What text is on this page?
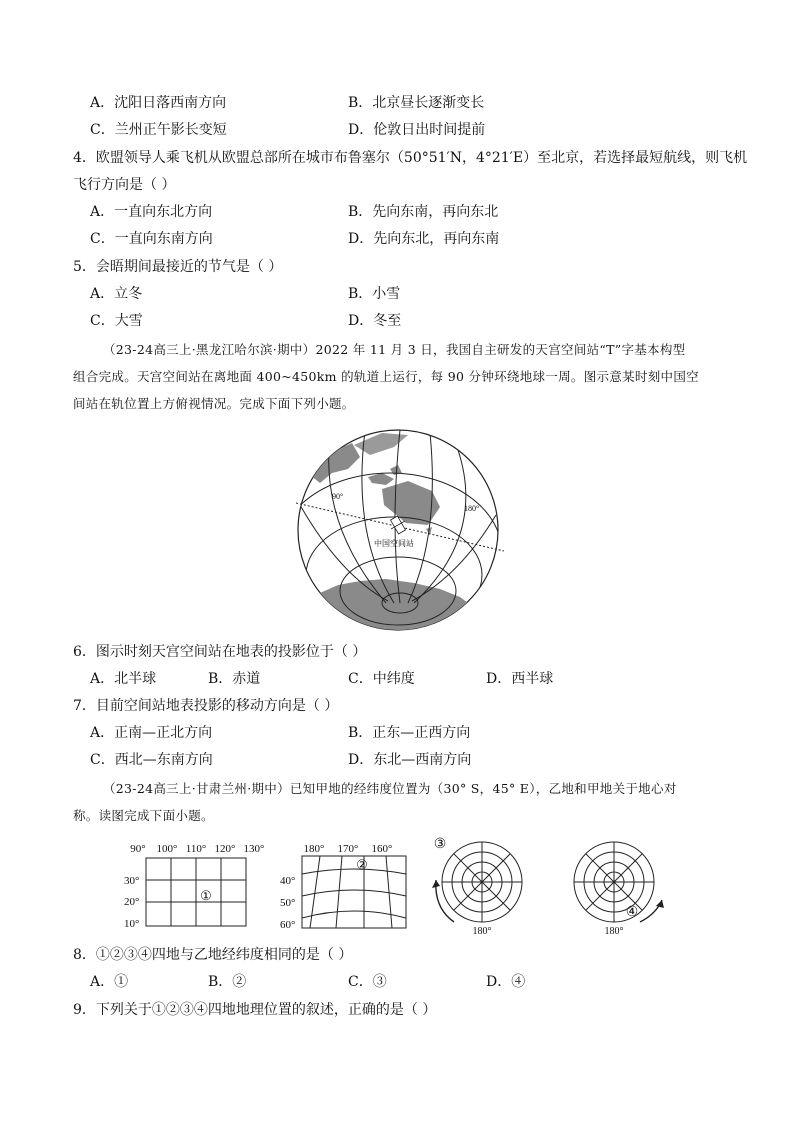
A．沈阳日落西南方向	B．北京昼长逐渐变长
C．兰州正午影长变短	D．伦敦日出时间提前
4．欧盟领导人乘飞机从欧盟总部所在城市布鲁塞尔（50°51′N，4°21′E）至北京，若选择最短航线，则飞机
飞行方向是（ ）
A．一直向东北方向	B．先向东南，再向东北
C．一直向东南方向	D．先向东北，再向东南
5．会晤期间最接近的节气是（ ）
A．立冬	B．小雪
C．大雪	D．冬至
（23-24高三上·黑龙江哈尔滨·期中）2022 年 11 月 3 日，我国自主研发的天宫空间站“T”字基本构型
组合完成。天宫空间站在离地面 400~450km 的轨道上运行，每 90 分钟环绕地球一周。图示意某时刻中国空
间站在轨位置上方俯视情况。完成下面下列小题。
90°
180°
中国空间站
6．图示时刻天宫空间站在地表的投影位于（ ）
A．北半球	B．赤道	C．中纬度	D．西半球
7．目前空间站地表投影的移动方向是（ ）
A．正南—正北方向	B．正东—正西方向
C．西北—东南方向	D．东北—西南方向
（23-24高三上·甘肃兰州·期中）已知甲地的经纬度位置为（30° S，45° E），乙地和甲地关于地心对
称。读图完成下面小题。
90° 100° 110° 120° 130°
30°
20°
10°
①
180° 170° 160°
40°
50°
60°
②
③
180°
④
180°
8．①②③④四地与乙地经纬度相同的是（ ）
A．①	B．②	C．③	D．④
9．下列关于①②③④四地地理位置的叙述，正确的是（ ）
